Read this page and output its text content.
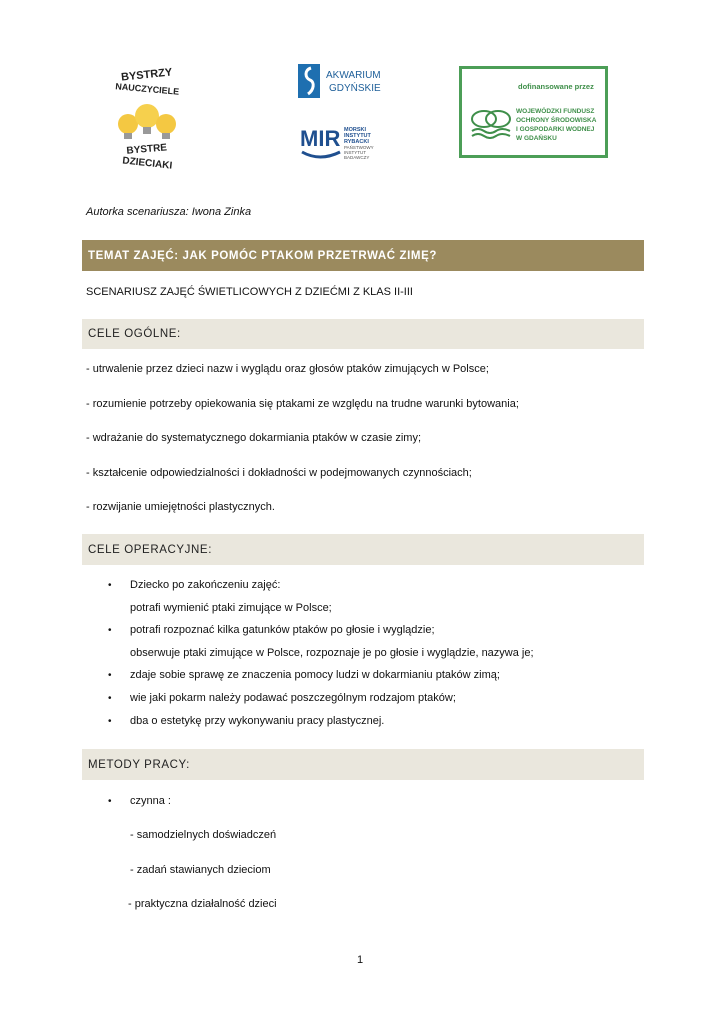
BYSTRZY
NAUCZYCIELE
BYSTRE
DZIECIAKI
AKWARIUM
GDYŃSKIE
MIR MORSKI
INSTYTUT
RYBACKI
PAŃSTWOWY
INSTYTUT
BADAWCZY
dofinansowane przez
WOJEWÓDZKI FUNDUSZ
OCHRONY ŚRODOWISKA
I GOSPODARKI WODNEJ
W GDAŃSKU
Autorka scenariusza: Iwona Zinka
TEMAT ZAJĘĆ: JAK POMÓC PTAKOM PRZETRWAĆ ZIMĘ?
SCENARIUSZ ZAJĘĆ ŚWIETLICOWYCH Z DZIEĆMI Z KLAS II-III
CELE OGÓLNE:
- utrwalenie przez dzieci nazw i wyglądu oraz głosów ptaków zimujących w Polsce;
- rozumienie potrzeby opiekowania się ptakami ze względu na trudne warunki bytowania;
- wdrażanie do systematycznego dokarmiania ptaków w czasie zimy;
- kształcenie odpowiedzialności i dokładności w podejmowanych czynnościach;
- rozwijanie umiejętności plastycznych.
CELE OPERACYJNE:
• Dziecko po zakończeniu zajęć:
potrafi wymienić ptaki zimujące w Polsce;
• potrafi rozpoznać kilka gatunków ptaków po głosie i wyglądzie;
obserwuje ptaki zimujące w Polsce, rozpoznaje je po głosie i wyglądzie, nazywa je;
• zdaje sobie sprawę ze znaczenia pomocy ludzi w dokarmianiu ptaków zimą;
• wie jaki pokarm należy podawać poszczególnym rodzajom ptaków;
• dba o estetykę przy wykonywaniu pracy plastycznej.
METODY PRACY:
• czynna :
- samodzielnych doświadczeń
- zadań stawianych dzieciom
- praktyczna działalność dzieci
1
